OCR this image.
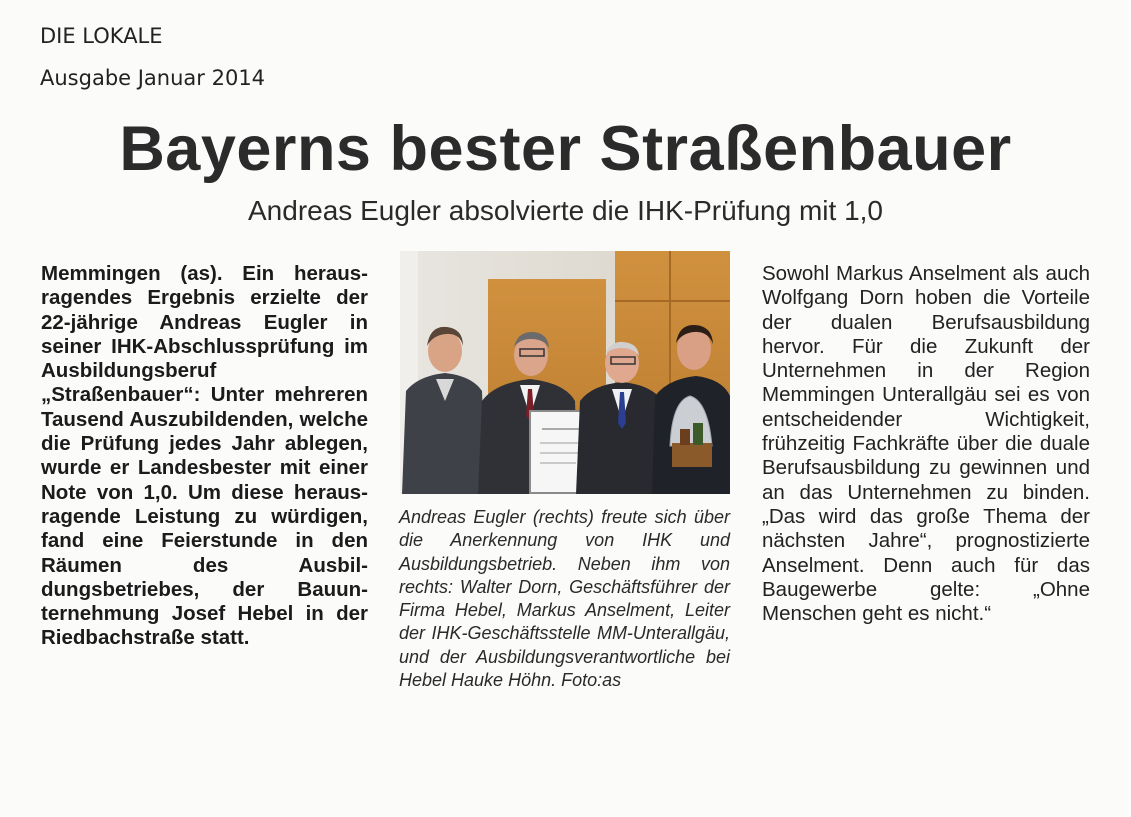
DIE LOKALE
Ausgabe Januar 2014
Bayerns bester Straßenbauer
Andreas Eugler absolvierte die IHK-Prüfung mit 1,0
Memmingen (as). Ein herausragendes Ergebnis erzielte der 22-jährige Andreas Eugler in seiner IHK-Abschlussprüfung im Ausbildungsberuf „Straßenbauer“: Unter mehreren Tausend Auszubildenden, welche die Prüfung jedes Jahr ablegen, wurde er Landesbester mit einer Note von 1,0. Um diese herausragende Leistung zu würdigen, fand eine Feierstunde in den Räumen des Ausbildungsbetriebes, der Bauunternehmung Josef Hebel in der Riedbachstraße statt.
Andreas Eugler (rechts) freute sich über die Anerkennung von IHK und Ausbildungsbetrieb. Neben ihm von rechts: Walter Dorn, Geschäftsführer der Firma Hebel, Markus Anselment, Leiter der IHK-Geschäftsstelle MM-Unterallgäu, und der Ausbildungsverantwortliche bei Hebel Hauke Höhn. Foto:as
Sowohl Markus Anselment als auch Wolfgang Dorn hoben die Vorteile der dualen Berufsausbildung hervor. Für die Zukunft der Unternehmen in der Region Memmingen Unterallgäu sei es von entscheidender Wichtigkeit, frühzeitig Fachkräfte über die duale Berufsausbildung zu gewinnen und an das Unternehmen zu binden. „Das wird das große Thema der nächsten Jahre“, prognostizierte Anselment. Denn auch für das Baugewerbe gelte: „Ohne Menschen geht es nicht.“
